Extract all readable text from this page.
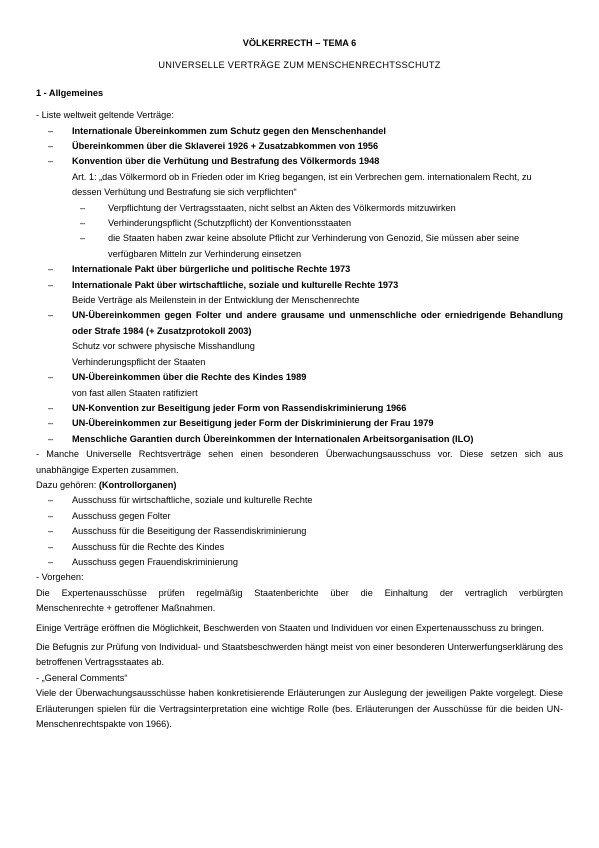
VÖLKERRECTH – TEMA 6
UNIVERSELLE VERTRÄGE ZUM MENSCHENRECHTSSCHUTZ
1 - Allgemeines
- Liste weltweit geltende Verträge:
– Internationale Übereinkommen zum Schutz gegen den Menschenhandel
– Übereinkommen über die Sklaverei 1926 + Zusatzabkommen von 1956
– Konvention über die Verhütung und Bestrafung des Völkermords 1948
Art. 1: „das Völkermord ob in Frieden oder im Krieg begangen, ist ein Verbrechen gem. internationalem Recht, zu dessen Verhütung und Bestrafung sie sich verpflichten“
– Verpflichtung der Vertragsstaaten, nicht selbst an Akten des Völkermords mitzuwirken
– Verhinderungspflicht (Schutzpflicht) der Konventionsstaaten
– die Staaten haben zwar keine absolute Pflicht zur Verhinderung von Genozid, Sie müssen aber seine verfügbaren Mitteln zur Verhinderung einsetzen
– Internationale Pakt über bürgerliche und politische Rechte 1973
– Internationale Pakt über wirtschaftliche, soziale und kulturelle Rechte 1973
Beide Verträge als Meilenstein in der Entwicklung der Menschenrechte
– UN-Übereinkommen gegen Folter und andere grausame und unmenschliche oder erniedrigende Behandlung oder Strafe 1984 (+ Zusatzprotokoll 2003)
Schutz vor schwere physische Misshandlung
Verhinderungspflicht der Staaten
– UN-Übereinkommen über die Rechte des Kindes 1989
von fast allen Staaten ratifiziert
– UN-Konvention zur Beseitigung jeder Form von Rassendiskriminierung 1966
– UN-Übereinkommen zur Beseitigung jeder Form der Diskriminierung der Frau 1979
– Menschliche Garantien durch Übereinkommen der Internationalen Arbeitsorganisation (ILO)
- Manche Universelle Rechtsverträge sehen einen besonderen Überwachungsausschuss vor. Diese setzen sich aus unabhängige Experten zusammen.
Dazu gehören: (Kontrollorganen)
– Ausschuss für wirtschaftliche, soziale und kulturelle Rechte
– Ausschuss gegen Folter
– Ausschuss für die Beseitigung der Rassendiskriminierung
– Ausschuss für die Rechte des Kindes
– Ausschuss gegen Frauendiskriminierung
- Vorgehen:
Die Expertenausschüsse prüfen regelmäßig Staatenberichte über die Einhaltung der vertraglich verbürgten
Menschenrechte + getroffener Maßnahmen.
Einige Verträge eröffnen die Möglichkeit, Beschwerden von Staaten und Individuen vor einen Expertenausschuss zu bringen.
Die Befugnis zur Prüfung von Individual- und Staatsbeschwerden hängt meist von einer besonderen Unterwerfungserklärung des betroffenen Vertragsstaates ab.
- „General Comments“
Viele der Überwachungsausschüsse haben konkretisierende Erläuterungen zur Auslegung der jeweiligen Pakte vorgelegt. Diese Erläuterungen spielen für die Vertragsinterpretation eine wichtige Rolle (bes. Erläuterungen der Ausschüsse für die beiden UN-Menschenrechtspakte von 1966).
